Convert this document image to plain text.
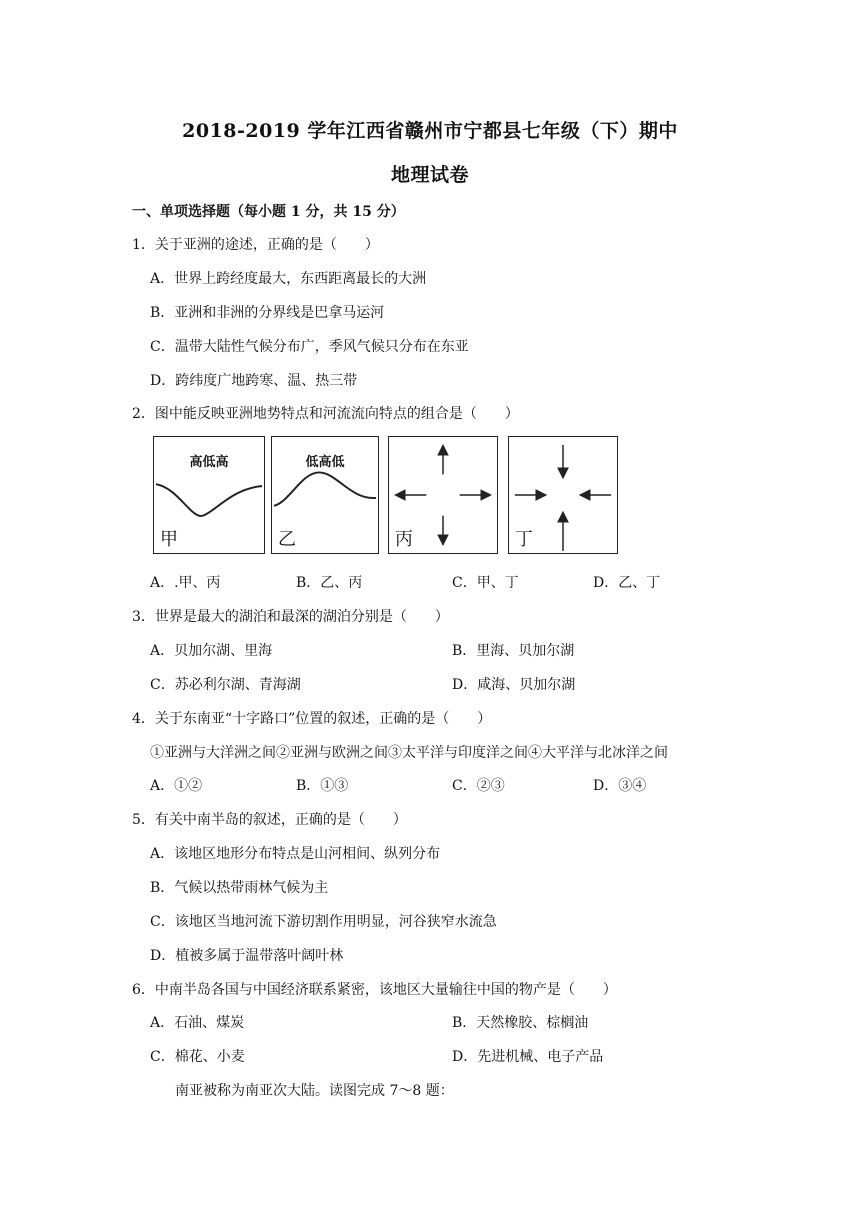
2018-2019 学年江西省赣州市宁都县七年级（下）期中
地理试卷
一、单项选择题（每小题 1 分，共 15 分）
1．关于亚洲的途述，正确的是（　　）
A．世界上跨经度最大，东西距离最长的大洲
B．亚洲和非洲的分界线是巴拿马运河
C．温带大陆性气候分布广，季风气候只分布在东亚
D．跨纬度广地跨寒、温、热三带
2．图中能反映亚洲地势特点和河流流向特点的组合是（　　）
高低高
甲
低高低
乙	丙	丁
A．.甲、丙	B．乙、丙	C．甲、丁	D．乙、丁
3．世界是最大的湖泊和最深的湖泊分别是（　　）
A．贝加尔湖、里海	B．里海、贝加尔湖
C．苏必利尔湖、青海湖	D．咸海、贝加尔湖
4．关于东南亚“十字路口”位置的叙述，正确的是（　　）
①亚洲与大洋洲之间②亚洲与欧洲之间③太平洋与印度洋之间④大平洋与北冰洋之间
A．①②	B．①③	C．②③	D．③④
5．有关中南半岛的叙述，正确的是（　　）
A．该地区地形分布特点是山河相间、纵列分布
B．气候以热带雨林气候为主
C．该地区当地河流下游切割作用明显，河谷狭窄水流急
D．植被多属于温带落叶阔叶林
6．中南半岛各国与中国经济联系紧密，该地区大量输往中国的物产是（　　）
A．石油、煤炭	B．天然橡胶、棕榈油
C．棉花、小麦	D．先进机械、电子产品
南亚被称为南亚次大陆。读图完成 7～8 题：
